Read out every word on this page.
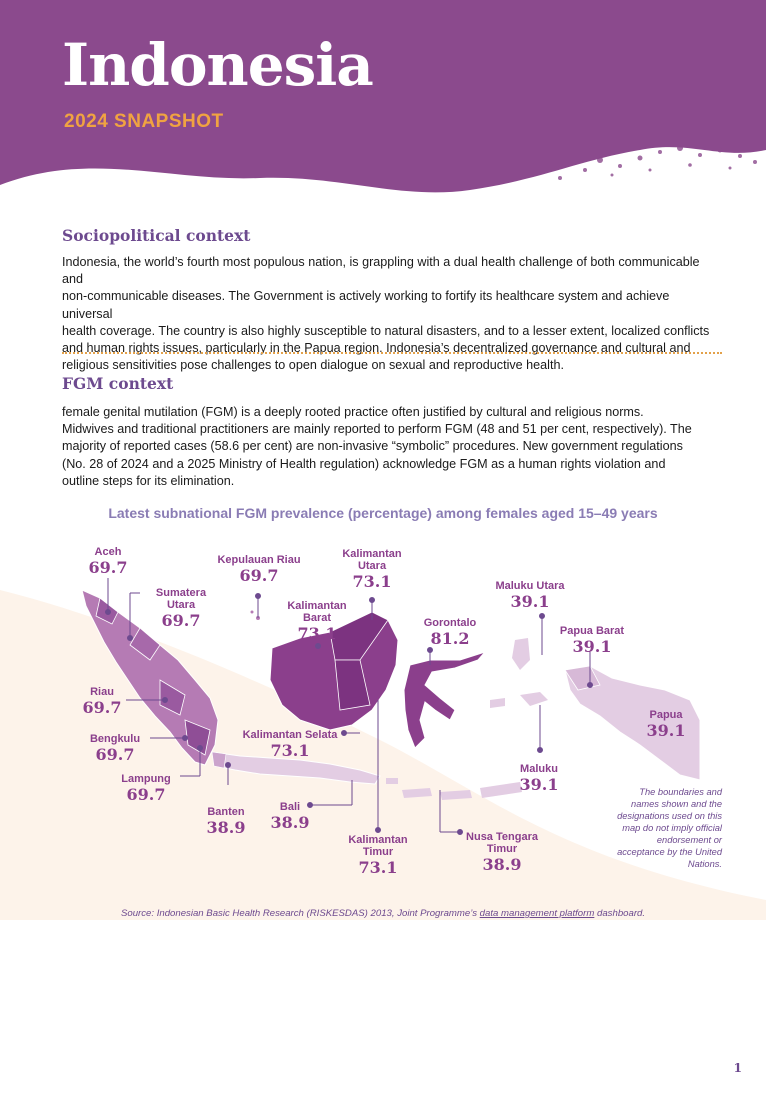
Indonesia
2024 SNAPSHOT
Sociopolitical context
Indonesia, the world’s fourth most populous nation, is grappling with a dual health challenge of both communicable and
non-communicable diseases. The Government is actively working to fortify its healthcare system and achieve universal
health coverage. The country is also highly susceptible to natural disasters, and to a lesser extent, localized conflicts
and human rights issues, particularly in the Papua region. Indonesia’s decentralized governance and cultural and
religious sensitivities pose challenges to open dialogue on sexual and reproductive health.
FGM context
female genital mutilation (FGM) is a deeply rooted practice often justified by cultural and religious norms.
Midwives and traditional practitioners are mainly reported to perform FGM (48 and 51 per cent, respectively). The
majority of reported cases (58.6 per cent) are non-invasive “symbolic” procedures. New government regulations
(No. 28 of 2024 and a 2025 Ministry of Health regulation) acknowledge FGM as a human rights violation and
outline steps for its elimination.
Latest subnational FGM prevalence (percentage) among females aged 15–49 years
Aceh
69.7
Sumatera Utara
69.7
Kepulauan Riau
69.7
Kalimantan Utara
73.1
Kalimantan Barat
73.1
Gorontalo
81.2
Maluku Utara
39.1
Papua Barat
39.1
Riau
69.7	Papua
39.1
Bengkulu
69.7
Kalimantan Selata
73.1
Maluku
39.1
Lampung
69.7
Banten
38.9
Bali
38.9
Kalimantan Timur
73.1
Nusa Tengara Timur
38.9
The boundaries and names shown and the designations used on this map do not imply official endorsement or acceptance by the United Nations.
Source: Indonesian Basic Health Research (RISKESDAS) 2013, Joint Programme’s data management platform dashboard.
1
